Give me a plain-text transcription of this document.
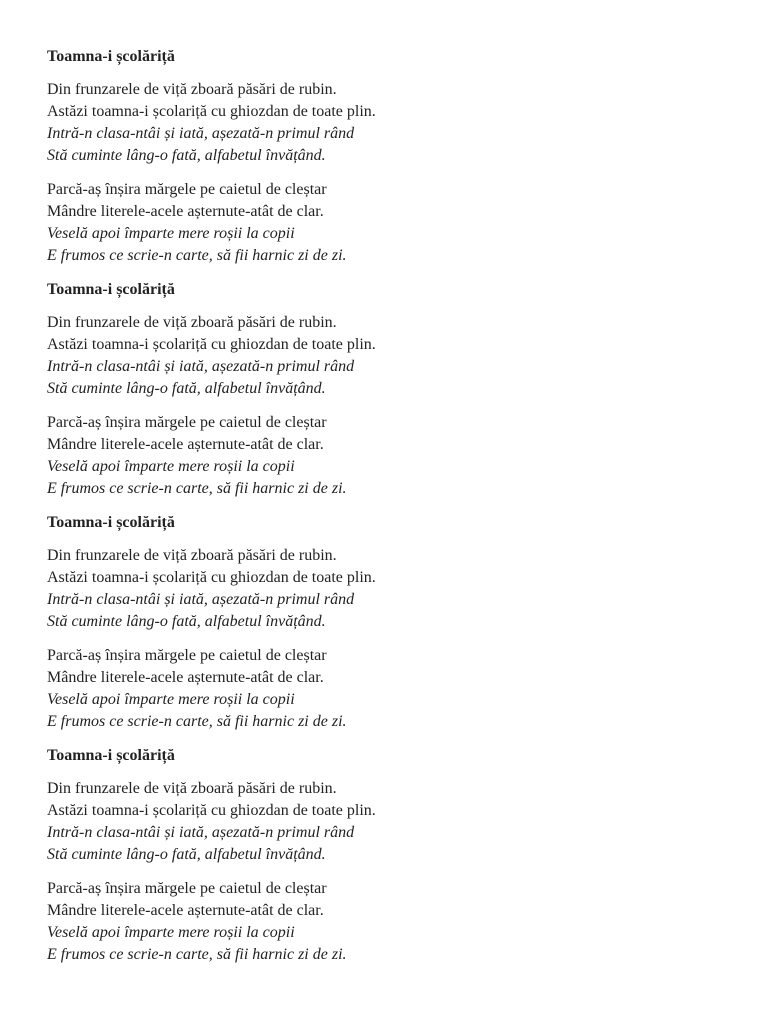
Toamna-i școlăriță
Din frunzarele de viță zboară păsări de rubin.
Astăzi toamna-i școlariță cu ghiozdan de toate plin.
Intră-n clasa-ntâi și iată, așezată-n primul rând
Stă cuminte lâng-o fată, alfabetul învățând.
Parcă-aș înșira mărgele pe caietul de cleștar
Mândre literele-acele așternute-atât de clar.
Veselă apoi împarte mere roșii la copii
E frumos ce scrie-n carte, să fii harnic zi de zi.
Toamna-i școlăriță
Din frunzarele de viță zboară păsări de rubin.
Astăzi toamna-i școlariță cu ghiozdan de toate plin.
Intră-n clasa-ntâi și iată, așezată-n primul rând
Stă cuminte lâng-o fată, alfabetul învățând.
Parcă-aș înșira mărgele pe caietul de cleștar
Mândre literele-acele așternute-atât de clar.
Veselă apoi împarte mere roșii la copii
E frumos ce scrie-n carte, să fii harnic zi de zi.
Toamna-i școlăriță
Din frunzarele de viță zboară păsări de rubin.
Astăzi toamna-i școlariță cu ghiozdan de toate plin.
Intră-n clasa-ntâi și iată, așezată-n primul rând
Stă cuminte lâng-o fată, alfabetul învățând.
Parcă-aș înșira mărgele pe caietul de cleștar
Mândre literele-acele așternute-atât de clar.
Veselă apoi împarte mere roșii la copii
E frumos ce scrie-n carte, să fii harnic zi de zi.
Toamna-i școlăriță
Din frunzarele de viță zboară păsări de rubin.
Astăzi toamna-i școlariță cu ghiozdan de toate plin.
Intră-n clasa-ntâi și iată, așezată-n primul rând
Stă cuminte lâng-o fată, alfabetul învățând.
Parcă-aș înșira mărgele pe caietul de cleștar
Mândre literele-acele așternute-atât de clar.
Veselă apoi împarte mere roșii la copii
E frumos ce scrie-n carte, să fii harnic zi de zi.
